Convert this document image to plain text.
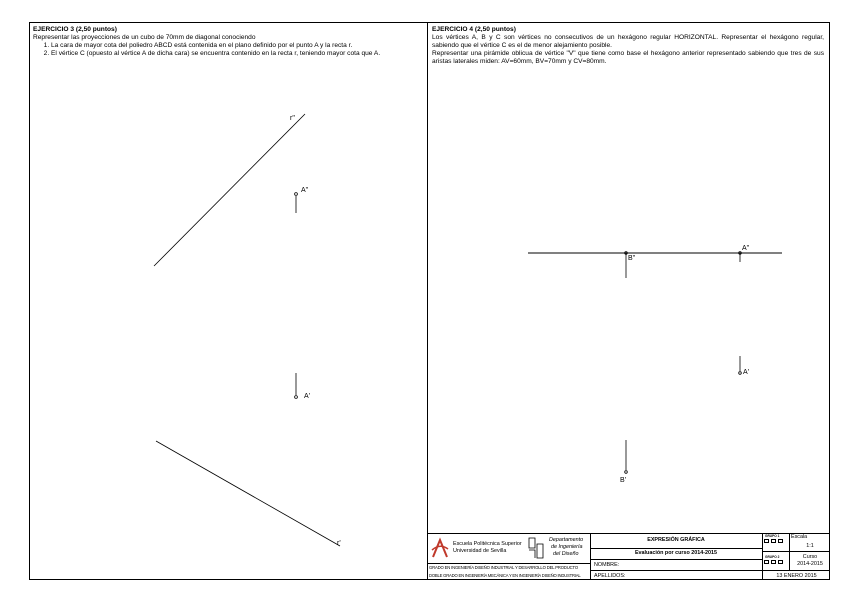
EJERCICIO 3 (2,50 puntos)
Representar las proyecciones de un cubo de 70mm de diagonal conociendo
1. La cara de mayor cota del poliedro ABCD está contenida en el plano definido por el punto A y la recta r.
2. El vértice C (opuesto al vértice A de dicha cara) se encuentra contenido en la recta r, teniendo mayor cota que A.
EJERCICIO 4 (2,50 puntos)

Los vértices A, B y C son vértices no consecutivos de un hexágono regular HORIZONTAL. Representar el hexágono regular, sabiendo que el vértice C es el de menor alejamiento posible.

Representar una pirámide oblicua de vértice "V" que tiene como base el hexágono anterior representado sabiendo que tres de sus aristas laterales miden: AV=60mm, BV=70mm y CV=80mm.

r"
A"
A'
r'
B"
A"
A'
B'
Escuela Politécnica Superior
Universidad de Sevilla
Departamento
de Ingeniería
del Diseño
GRADO EN INGENIERÍA DISEÑO INDUSTRIAL Y DESARROLLO DEL PRODUCTO
DOBLE GRADO EN INGENIERÍA MECÁNICA Y EN INGENIERÍA DISEÑO INDUSTRIAL
EXPRESIÓN GRÁFICA
Evaluación por curso 2014-2015
NOMBRE:
APELLIDOS:
GRUPO 1
GRUPO 2
Escala
1:1
Curso
2014-2015
13 ENERO 2015
